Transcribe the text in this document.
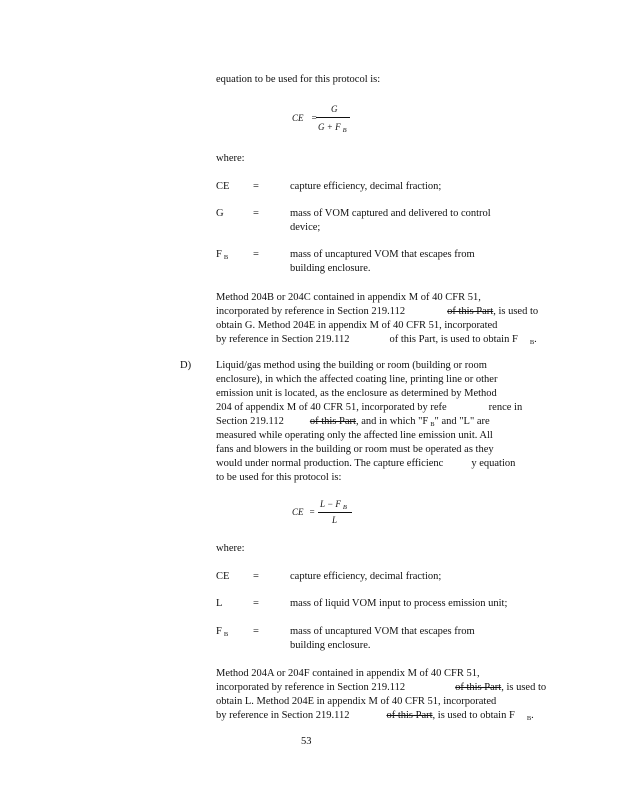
equation to be used for this protocol is:
CE =
G
G + F $_B$
where:
CE =	capture efficiency, decimal fraction;
G	=	mass of VOM captured and delivered to control
device;
F $_B$ =	mass of uncaptured VOM that escapes from
building enclosure.
Method 204B or 204C contained in appendix M of 40 CFR 51,
incorporated by reference in Section 219.112	of this Part, is used to
obtain G. Method 204E in appendix M of 40 CFR 51, incorporated
by reference in Section 219.112	of this Part, is used to obtain F $_B$.
D) Liquid/gas method using the building or room (building or room
enclosure), in which the affected coating line, printing line or other
emission unit is located, as the enclosure as determined by Method
204 of appendix M of 40 CFR 51, incorporated by refe	rence in
Section 219.112 of this Part, and in which "F $_B$" and "L" are
measured while operating only the affected line emission unit. All
fans and blowers in the building or room must be operated as they
would under normal production. The capture efficienc	y equation
to be used for this protocol is:
CE =
L − F $_B$
L
where:
CE =	capture efficiency, decimal fraction;
L	=	mass of liquid VOM input to process emission unit;
F $_B$ =	mass of uncaptured VOM that escapes from
building enclosure.
Method 204A or 204F contained in appendix M of 40 CFR 51,
incorporated by reference in Section 219.112	of this Part, is used to
obtain L. Method 204E in appendix M of 40 CFR 51, incorporated
by reference in Section 219.112	of this Part, is used to obtain F $_B$.
53
